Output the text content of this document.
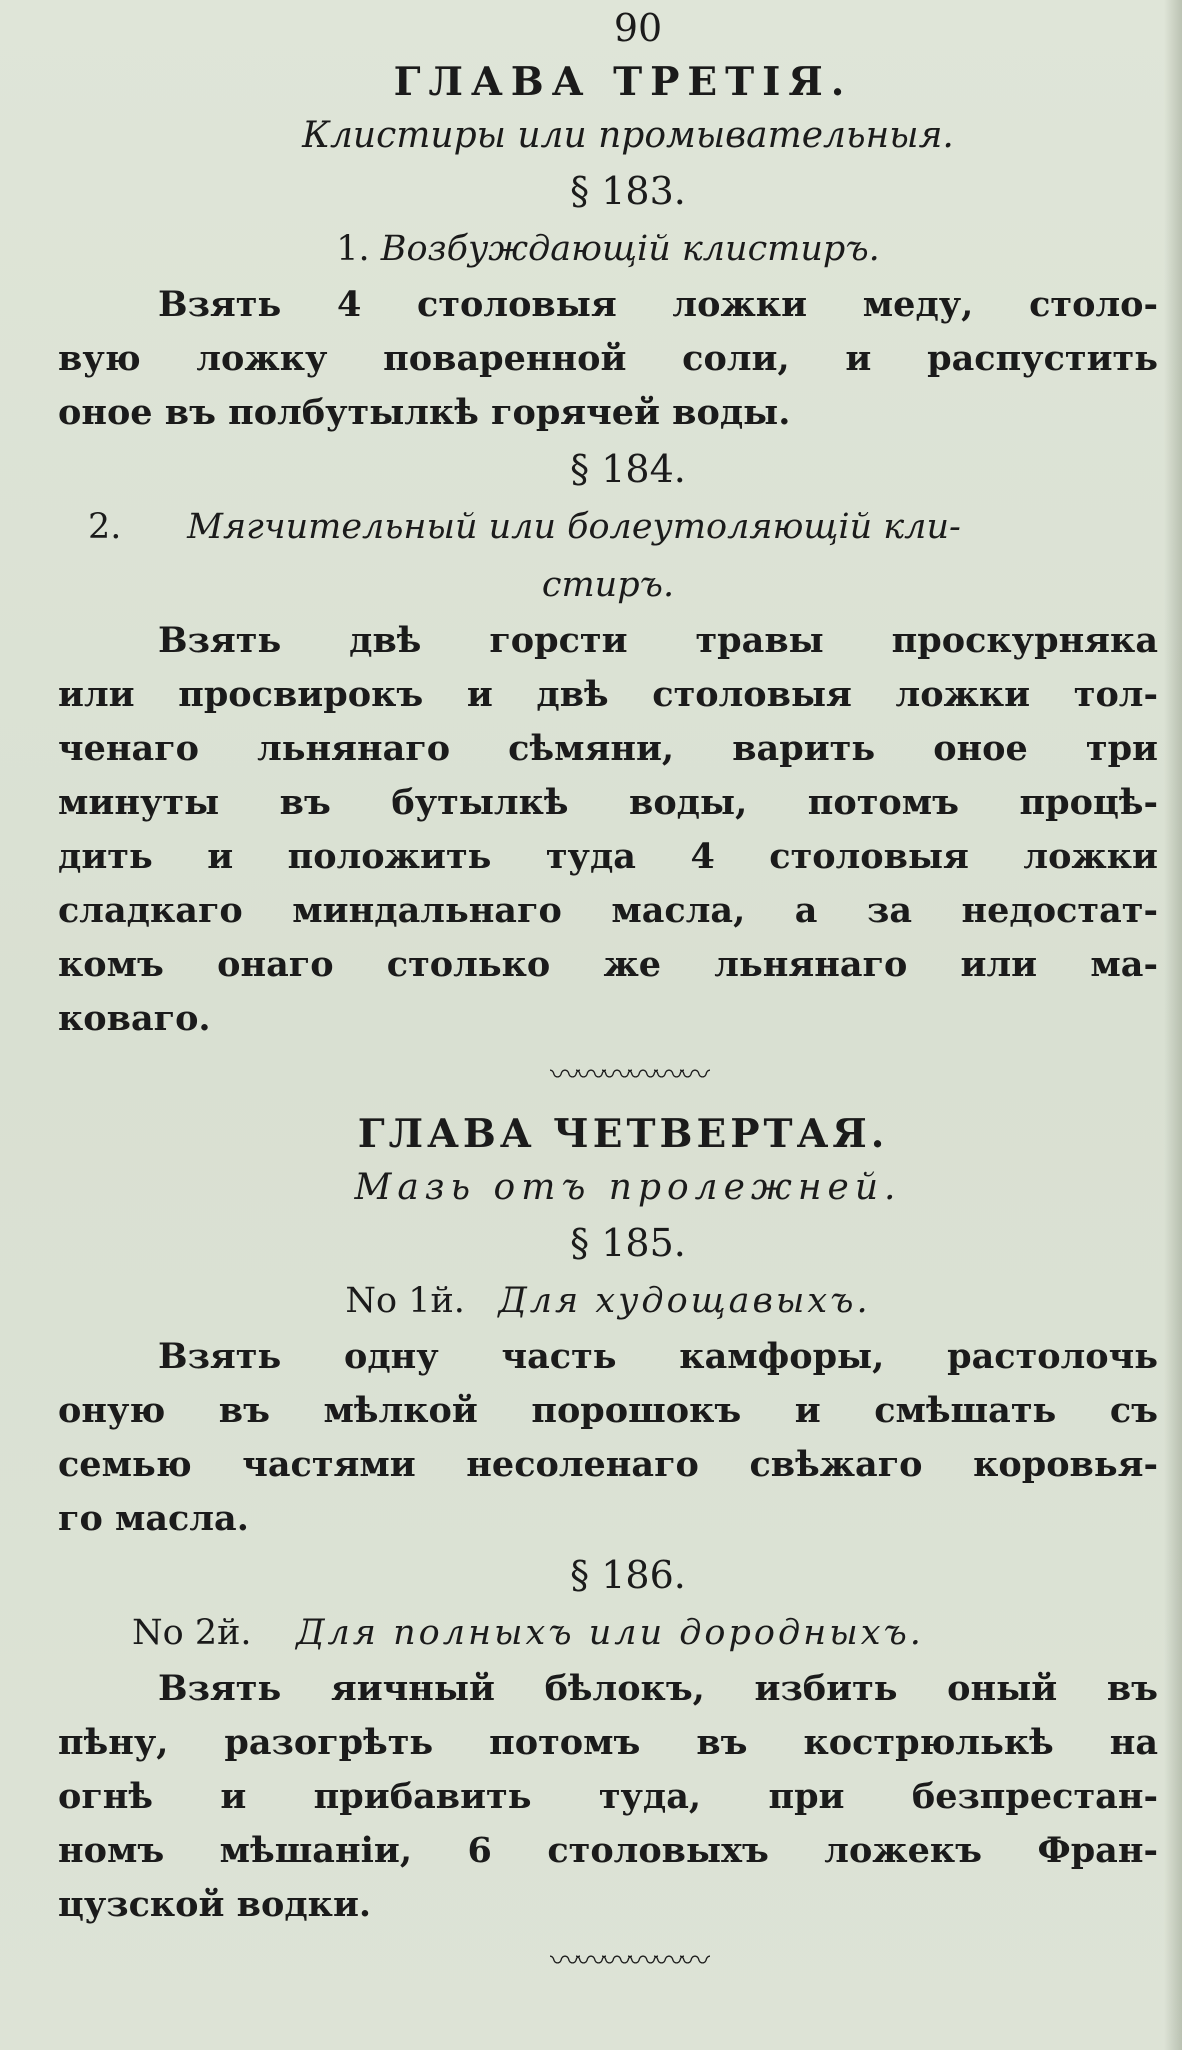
90
ГЛАВА ТРЕТІЯ.
Клистиры или промывательныя.
§ 183.
1. Возбуждающій клистиръ.
Взять 4 столовыя ложки меду, столо-
вую ложку поваренной соли, и распустить
оное въ полбутылкѣ горячей воды.
§ 184.
2. Мягчительный или болеутоляющій кли-
стиръ.
Взять двѣ горсти травы проскурняка
или просвирокъ и двѣ столовыя ложки тол-
ченаго льнянаго сѣмяни, варить оное три
минуты въ бутылкѣ воды, потомъ процѣ-
дить и положить туда 4 столовыя ложки
сладкаго миндальнаго масла, а за недостат-
комъ онаго столько же льнянаго или ма-
коваго.
〰〰〰〰〰〰
ГЛАВА ЧЕТВЕРТАЯ.
Мазь отъ пролежней.
§ 185.
No 1й. Для худощавыхъ.
Взять одну часть камфоры, растолочь
оную въ мѣлкой порошокъ и смѣшать съ
семью частями несоленаго свѣжаго коровья-
го масла.
§ 186.
No 2й. Для полныхъ или дородныхъ.
Взять яичный бѣлокъ, избить оный въ
пѣну, разогрѣть потомъ въ кострюлькѣ на
огнѣ и прибавить туда, при безпрестан-
номъ мѣшаніи, 6 столовыхъ ложекъ Фран-
цузской водки.
〰〰〰〰〰〰
